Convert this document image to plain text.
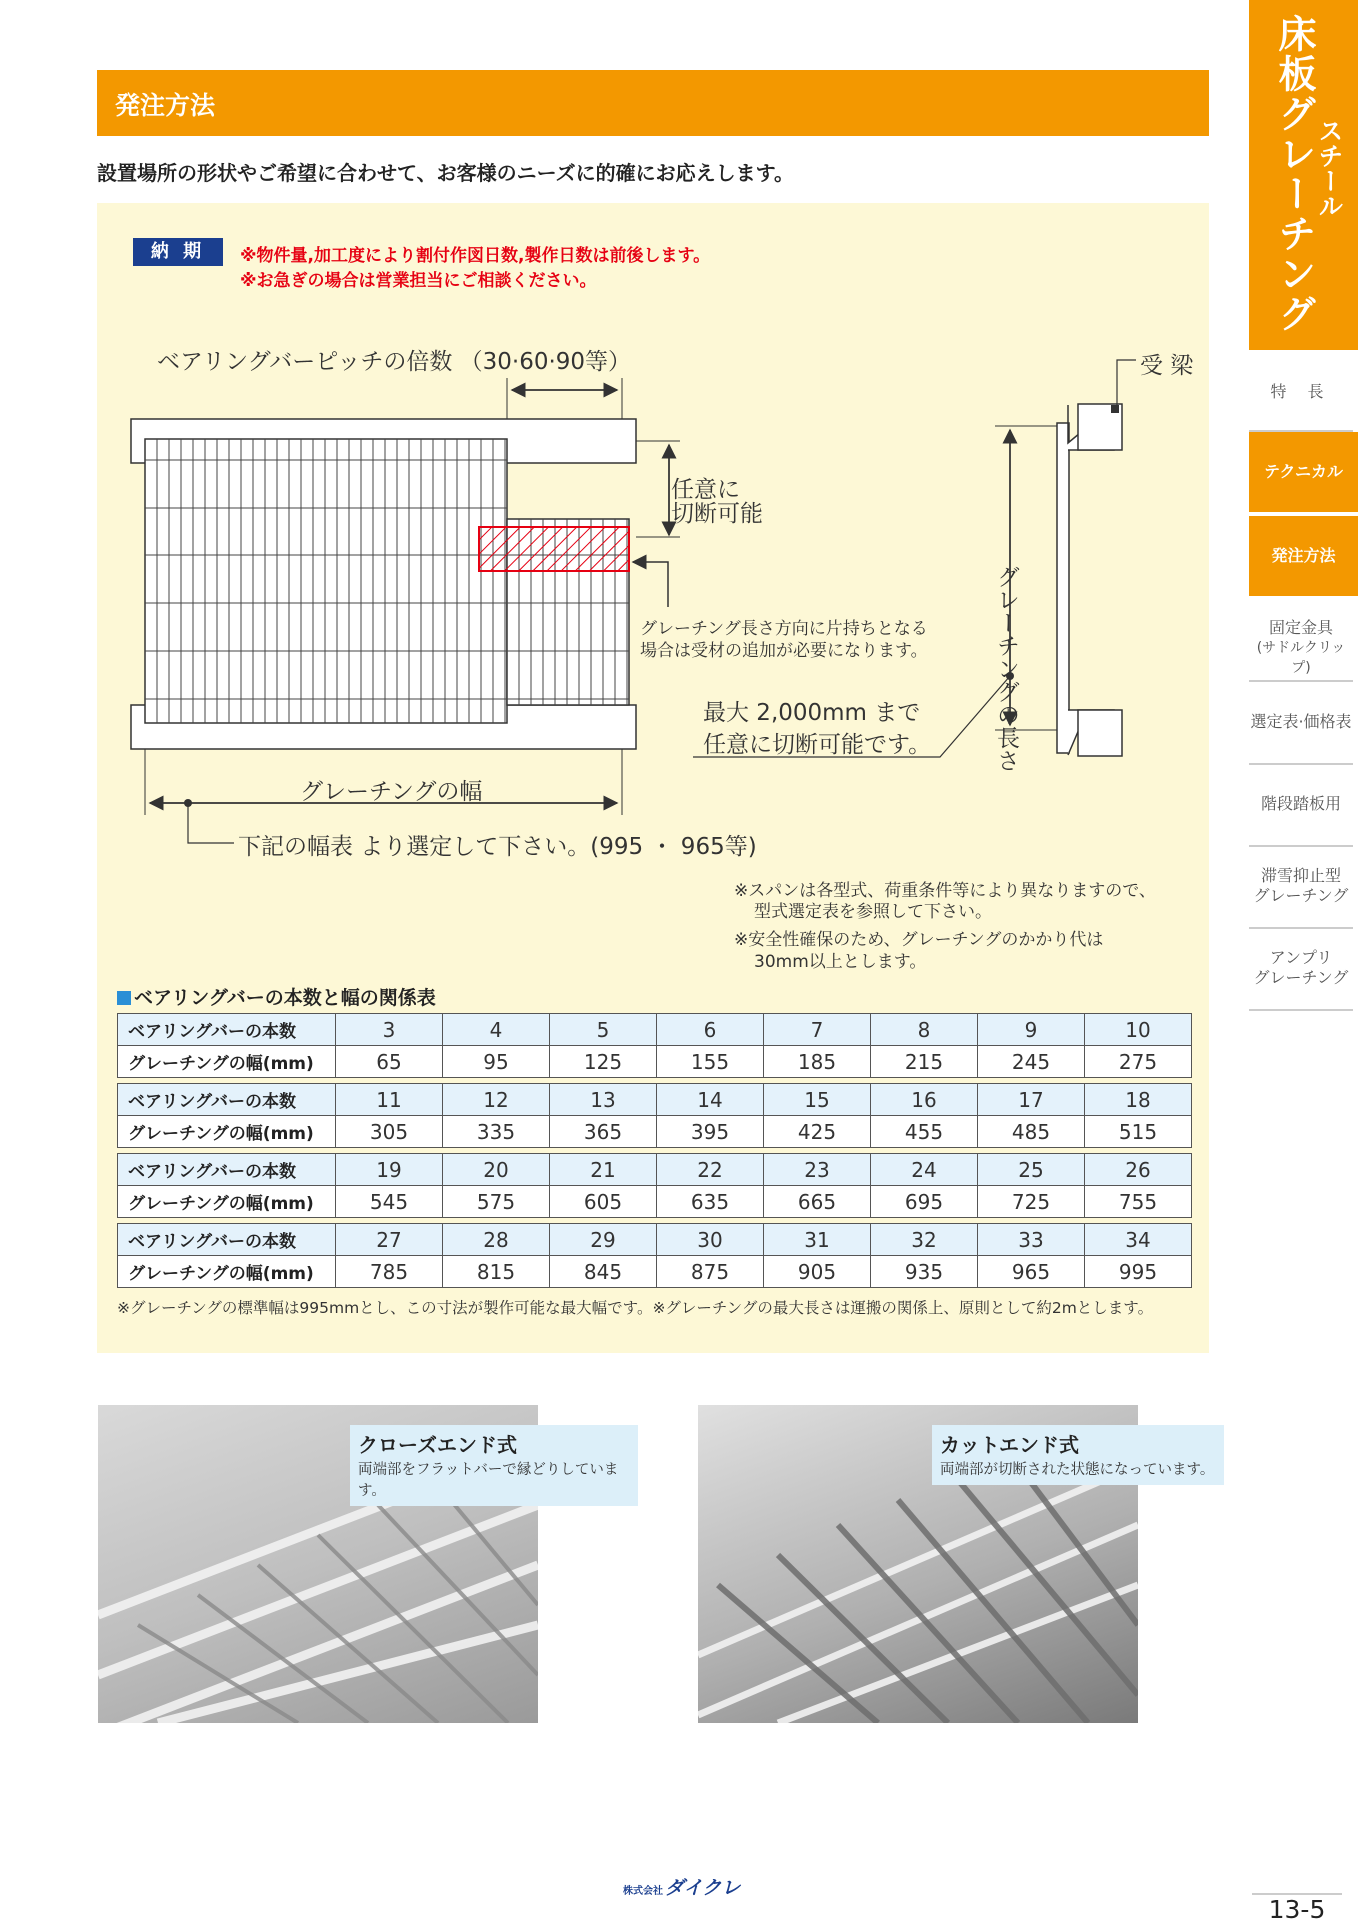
発注方法
設置場所の形状やご希望に合わせて、お客様のニーズに的確にお応えします。
納 期	※物件量,加工度により割付作図日数,製作日数は前後します。
※お急ぎの場合は営業担当にご相談ください。
ベアリングバーピッチの倍数 （30·60·90等）	受 梁
任意に
切断可能
グレーチング長さ方向に片持ちとなる
場合は受材の追加が必要になります。
最大 2,000mm まで
任意に切断可能です。
グレーチングの幅
下記の幅表 より選定して下さい。(995 ・ 965等)
グレーチングの長さ
※スパンは各型式、荷重条件等により異なりますので、
型式選定表を参照して下さい。
※安全性確保のため、グレーチングのかかり代は
30mm以上とします。
ベアリングバーの本数と幅の関係表
ベアリングバーの本数	3	4	5	6	7	8	9	10
グレーチングの幅(mm)	65	95	125	155	185	215	245	275
ベアリングバーの本数	11	12	13	14	15	16	17	18
グレーチングの幅(mm)	305	335	365	395	425	455	485	515
ベアリングバーの本数	19	20	21	22	23	24	25	26
グレーチングの幅(mm)	545	575	605	635	665	695	725	755
ベアリングバーの本数	27	28	29	30	31	32	33	34
グレーチングの幅(mm)	785	815	845	875	905	935	965	995
※グレーチングの標準幅は995mmとし、この寸法が製作可能な最大幅です。※グレーチングの最大長さは運搬の関係上、原則として約2mとします。
クローズエンド式
両端部をフラットバーで縁どりしています。
カットエンド式
両端部が切断された状態になっています。
床板グレーチング スチール
特 長
テクニカル
発注方法
固定金具
(サドルクリップ)
選定表·価格表
階段踏板用
滞雪抑止型
グレーチング
アンプリ
グレーチング
株式会社 ダイクレ
13-5
